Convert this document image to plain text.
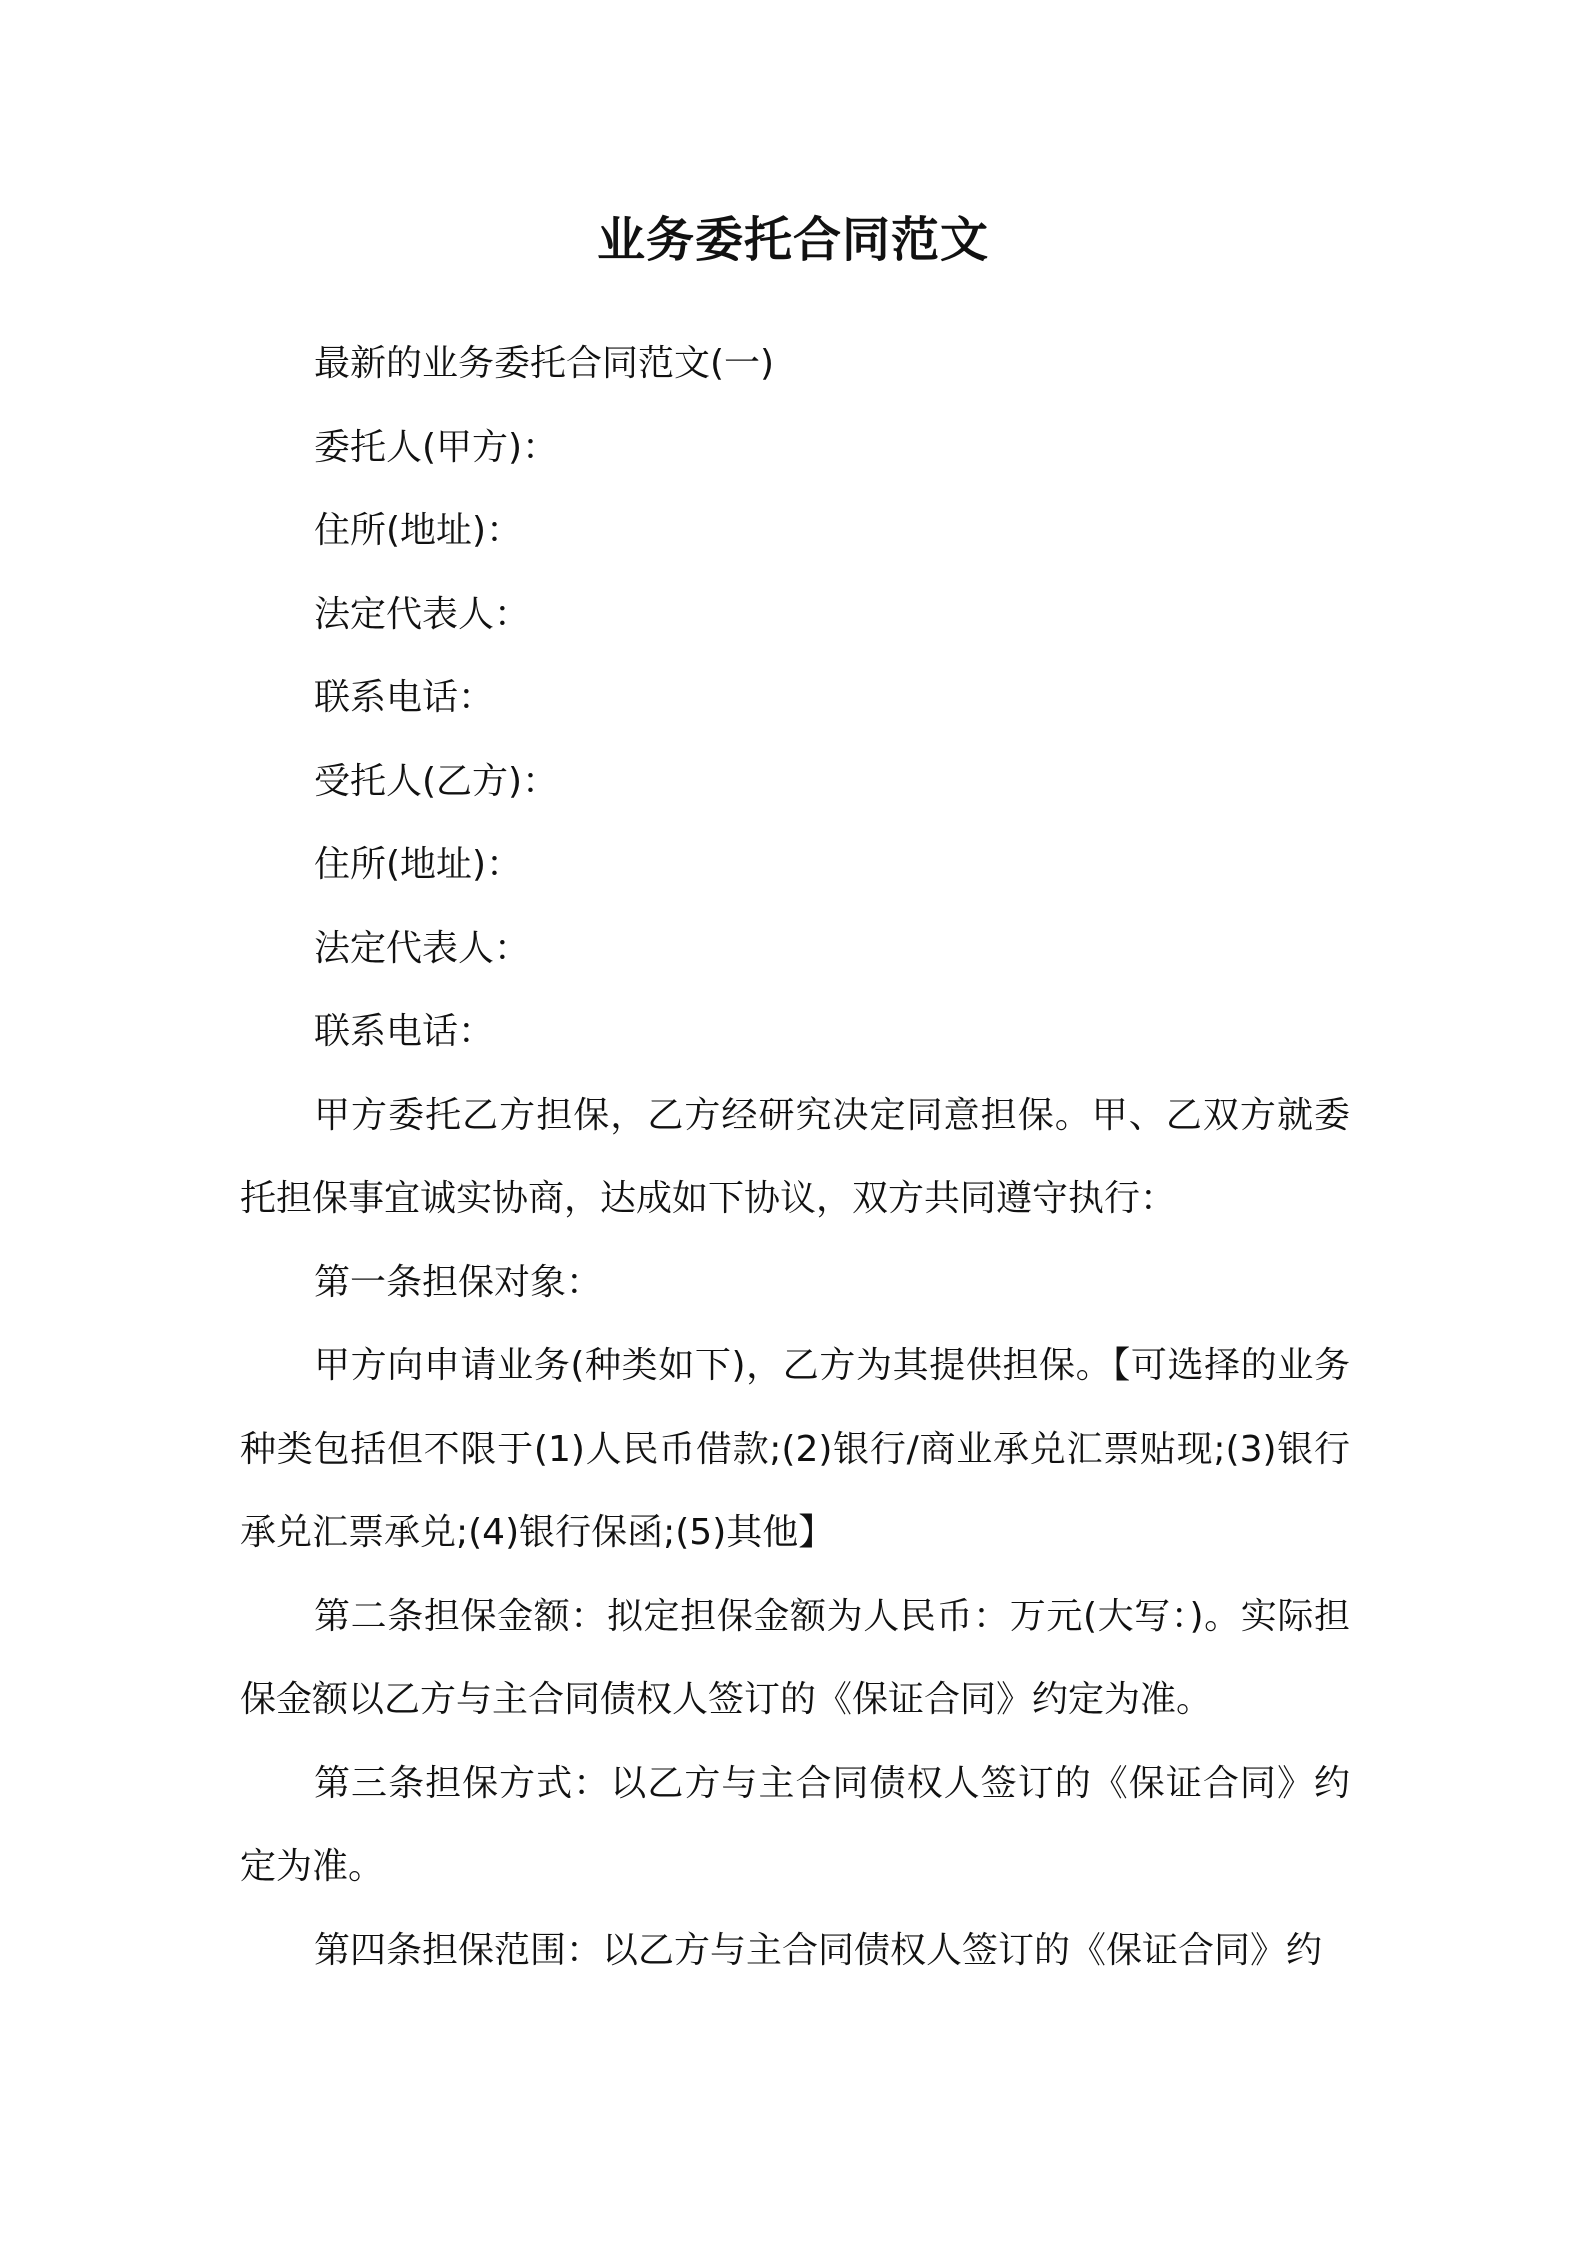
业务委托合同范文

最新的业务委托合同范文(一)

委托人(甲方)：

住所(地址)：

法定代表人：

联系电话：

受托人(乙方)：

住所(地址)：

法定代表人：

联系电话：

甲方委托乙方担保，乙方经研究决定同意担保。甲、乙双方就委托担保事宜诚实协商，达成如下协议，双方共同遵守执行：

第一条担保对象：

甲方向申请业务(种类如下)，乙方为其提供担保。【可选择的业务种类包括但不限于(1)人民币借款;(2)银行/商业承兑汇票贴现;(3)银行承兑汇票承兑;(4)银行保函;(5)其他】

第二条担保金额：拟定担保金额为人民币：万元(大写：)。实际担保金额以乙方与主合同债权人签订的《保证合同》约定为准。

第三条担保方式：以乙方与主合同债权人签订的《保证合同》约定为准。

第四条担保范围：以乙方与主合同债权人签订的《保证合同》约
